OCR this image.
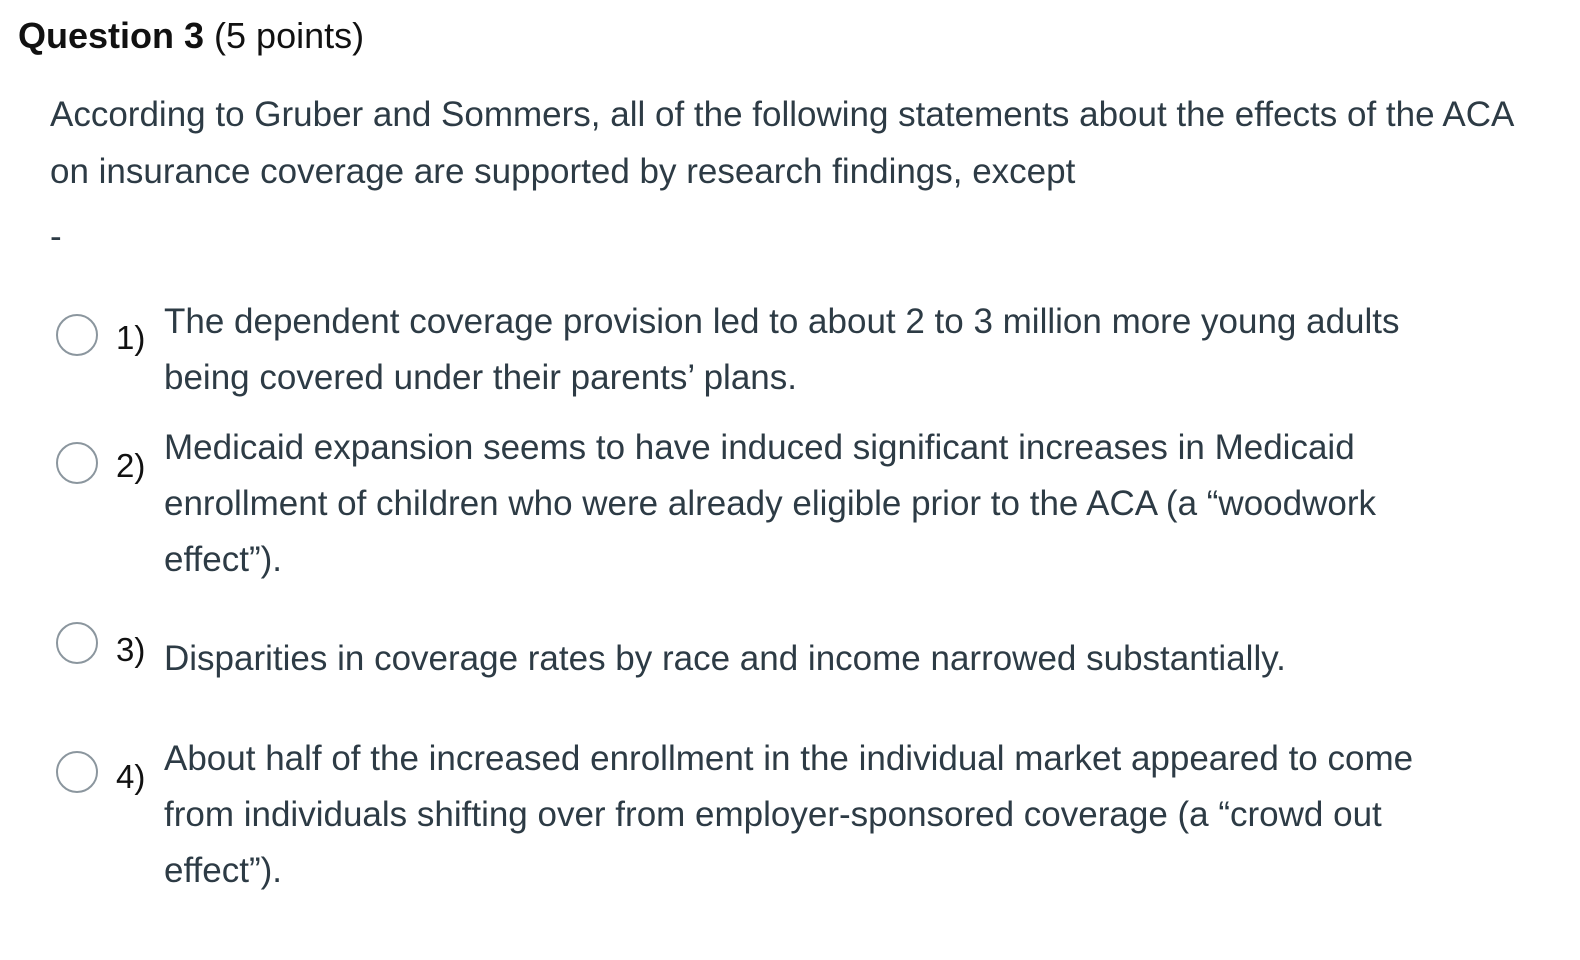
Question 3 (5 points)

According to Gruber and Sommers, all of the following statements about the effects of the ACA on insurance coverage are supported by research findings, except

-
1) The dependent coverage provision led to about 2 to 3 million more young adults being covered under their parents’ plans.
2) Medicaid expansion seems to have induced significant increases in Medicaid enrollment of children who were already eligible prior to the ACA (a “woodwork effect”).
3) Disparities in coverage rates by race and income narrowed substantially.
4) About half of the increased enrollment in the individual market appeared to come from individuals shifting over from employer-sponsored coverage (a “crowd out effect”).
